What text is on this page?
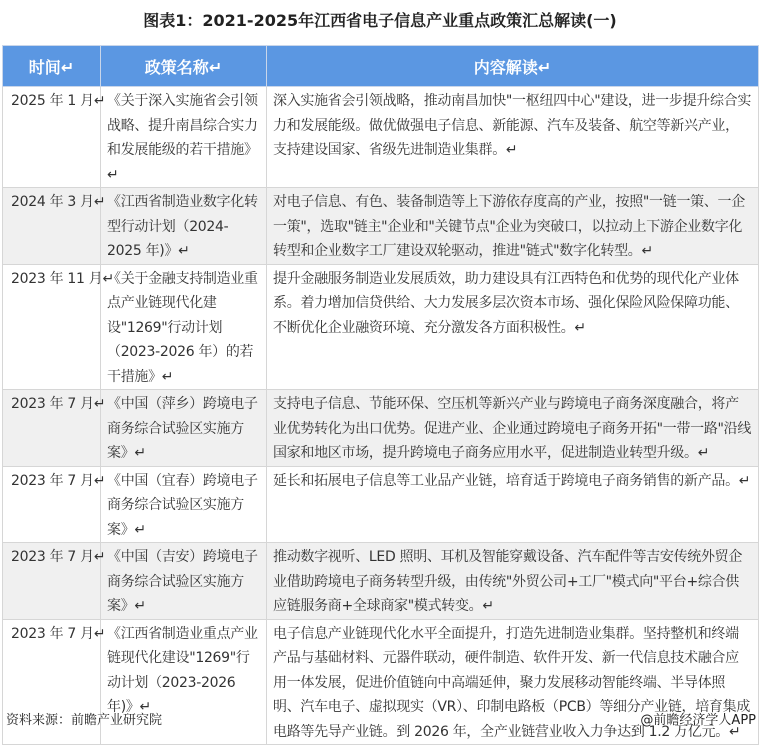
图表1：2021-2025年江西省电子信息产业重点政策汇总解读(一)
时间↵	政策名称↵	内容解读↵
2025 年 1 月↵	《关于深入实施省会引领战略、提升南昌综合实力和发展能级的若干措施》↵	深入实施省会引领战略，推动南昌加快"一枢纽四中心"建设，进一步提升综合实力和发展能级。做优做强电子信息、新能源、汽车及装备、航空等新兴产业，支持建设国家、省级先进制造业集群。↵
2024 年 3 月↵	《江西省制造业数字化转型行动计划（2024-2025 年)》↵	对电子信息、有色、装备制造等上下游依存度高的产业，按照"一链一策、一企一策"，选取"链主"企业和"关键节点"企业为突破口，以拉动上下游企业数字化转型和企业数字工厂建设双轮驱动，推进"链式"数字化转型。↵
2023 年 11 月↵	《关于金融支持制造业重点产业链现代化建设"1269"行动计划（2023-2026 年）的若干措施》↵	提升金融服务制造业发展质效，助力建设具有江西特色和优势的现代化产业体系。着力增加信贷供给、大力发展多层次资本市场、强化保险风险保障功能、不断优化企业融资环境、充分激发各方面积极性。↵
2023 年 7 月↵	《中国（萍乡）跨境电子商务综合试验区实施方案》↵	支持电子信息、节能环保、空压机等新兴产业与跨境电子商务深度融合，将产业优势转化为出口优势。促进产业、企业通过跨境电子商务开拓"一带一路"沿线国家和地区市场，提升跨境电子商务应用水平，促进制造业转型升级。↵
2023 年 7 月↵	《中国（宜春）跨境电子商务综合试验区实施方案》↵	延长和拓展电子信息等工业品产业链，培育适于跨境电子商务销售的新产品。↵
2023 年 7 月↵	《中国（吉安）跨境电子商务综合试验区实施方案》↵	推动数字视听、LED 照明、耳机及智能穿戴设备、汽车配件等吉安传统外贸企业借助跨境电子商务转型升级，由传统"外贸公司+工厂"模式向"平台+综合供应链服务商+全球商家"模式转变。↵
2023 年 7 月↵	《江西省制造业重点产业链现代化建设"1269"行动计划（2023-2026 年)》↵	电子信息产业链现代化水平全面提升，打造先进制造业集群。坚持整机和终端产品与基础材料、元器件联动，硬件制造、软件开发、新一代信息技术融合应用一体发展，促进价值链向中高端延伸，聚力发展移动智能终端、半导体照明、汽车电子、虚拟现实（VR）、印制电路板（PCB）等细分产业链，培育集成电路等先导产业链。到 2026 年，全产业链营业收入力争达到 1.2 万亿元。↵
资料来源：前瞻产业研究院	@前瞻经济学人APP
